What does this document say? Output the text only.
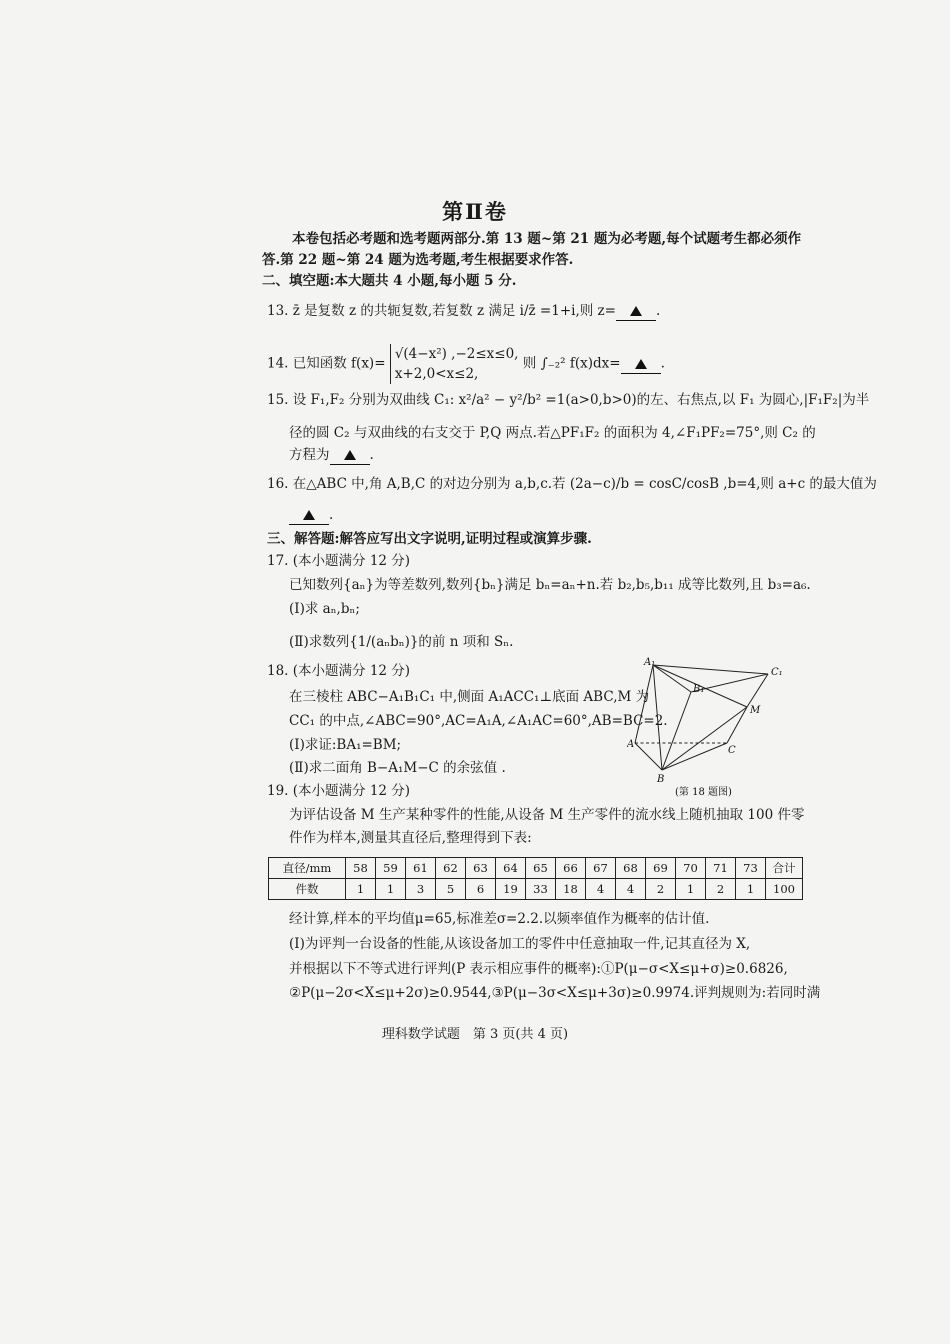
第Ⅱ卷
本卷包括必考题和选考题两部分.第 13 题~第 21 题为必考题,每个试题考生都必须作
答.第 22 题~第 24 题为选考题,考生根据要求作答.
二、填空题:本大题共 4 小题,每小题 5 分.
13. z̄ 是复数 z 的共轭复数,若复数 z 满足 i/z̄ =1+i,则 z=	.
14. 已知函数 f(x)=
√(4−x²) ,−2≤x≤0,
x+2,0<x≤2,
则 ∫₋₂² f(x)dx=	.
15. 设 F₁,F₂ 分别为双曲线 C₁: x²/a² − y²/b² =1(a>0,b>0)的左、右焦点,以 F₁ 为圆心,|F₁F₂|为半
径的圆 C₂ 与双曲线的右支交于 P,Q 两点.若△PF₁F₂ 的面积为 4,∠F₁PF₂=75°,则 C₂ 的
方程为	.
16. 在△ABC 中,角 A,B,C 的对边分别为 a,b,c.若 (2a−c)/b = cosC/cosB ,b=4,则 a+c 的最大值为
.
三、解答题:解答应写出文字说明,证明过程或演算步骤.
17. (本小题满分 12 分)
已知数列{aₙ}为等差数列,数列{bₙ}满足 bₙ=aₙ+n.若 b₂,b₅,b₁₁ 成等比数列,且 b₃=a₆.
(Ⅰ)求 aₙ,bₙ;
(Ⅱ)求数列{1/(aₙbₙ)}的前 n 项和 Sₙ.
18. (本小题满分 12 分)
在三棱柱 ABC−A₁B₁C₁ 中,侧面 A₁ACC₁⊥底面 ABC,M 为
CC₁ 的中点,∠ABC=90°,AC=A₁A,∠A₁AC=60°,AB=BC=2.
(Ⅰ)求证:BA₁=BM;
(Ⅱ)求二面角 B−A₁M−C 的余弦值 .
A₁
C₁
B₁
M
A
C
B
(第 18 题图)
19. (本小题满分 12 分)
为评估设备 M 生产某种零件的性能,从设备 M 生产零件的流水线上随机抽取 100 件零
件作为样本,测量其直径后,整理得到下表:
直径/mm	58	59	61	62	63	64	65	66	67	68	69	70	71	73	合计
件数	1	1	3	5	6	19	33	18	4	4	2	1	2	1	100
经计算,样本的平均值μ=65,标准差σ=2.2.以频率值作为概率的估计值.
(Ⅰ)为评判一台设备的性能,从该设备加工的零件中任意抽取一件,记其直径为 X,
并根据以下不等式进行评判(P 表示相应事件的概率):①P(μ−σ<X≤μ+σ)≥0.6826,
②P(μ−2σ<X≤μ+2σ)≥0.9544,③P(μ−3σ<X≤μ+3σ)≥0.9974.评判规则为:若同时满
理科数学试题　第 3 页(共 4 页)
